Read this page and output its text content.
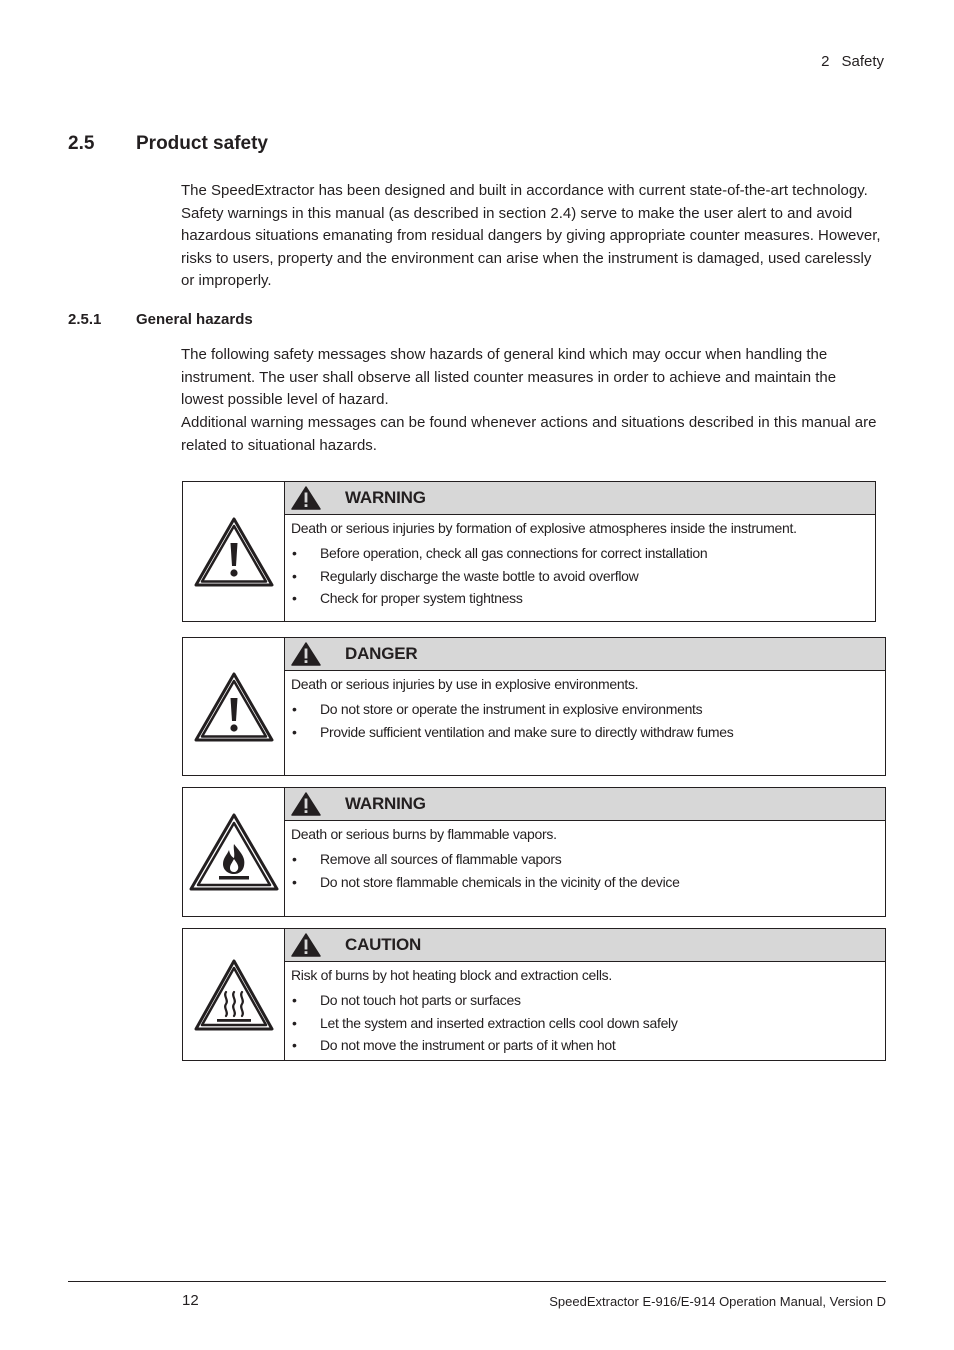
2 Safety
2.5 Product safety
The SpeedExtractor has been designed and built in accordance with current state-of-the-art technology. Safety warnings in this manual (as described in section 2.4) serve to make the user alert to and avoid hazardous situations emanating from residual dangers by giving appropriate counter measures. However, risks to users, property and the environment can arise when the instrument is damaged, used carelessly or improperly.
2.5.1 General hazards
The following safety messages show hazards of general kind which may occur when handling the instrument. The user shall observe all listed counter measures in order to achieve and maintain the lowest possible level of hazard.
Additional warning messages can be found whenever actions and situations described in this manual are related to situational hazards.
WARNING
Death or serious injuries by formation of explosive atmospheres inside the instrument.
• Before operation, check all gas connections for correct installation
• Regularly discharge the waste bottle to avoid overflow
• Check for proper system tightness
DANGER
Death or serious injuries by use in explosive environments.
• Do not store or operate the instrument in explosive environments
• Provide sufficient ventilation and make sure to directly withdraw fumes
WARNING
Death or serious burns by flammable vapors.
• Remove all sources of flammable vapors
• Do not store flammable chemicals in the vicinity of the device
CAUTION
Risk of burns by hot heating block and extraction cells.
• Do not touch hot parts or surfaces
• Let the system and inserted extraction cells cool down safely
• Do not move the instrument or parts of it when hot
12	SpeedExtractor E-916/E-914 Operation Manual, Version D
